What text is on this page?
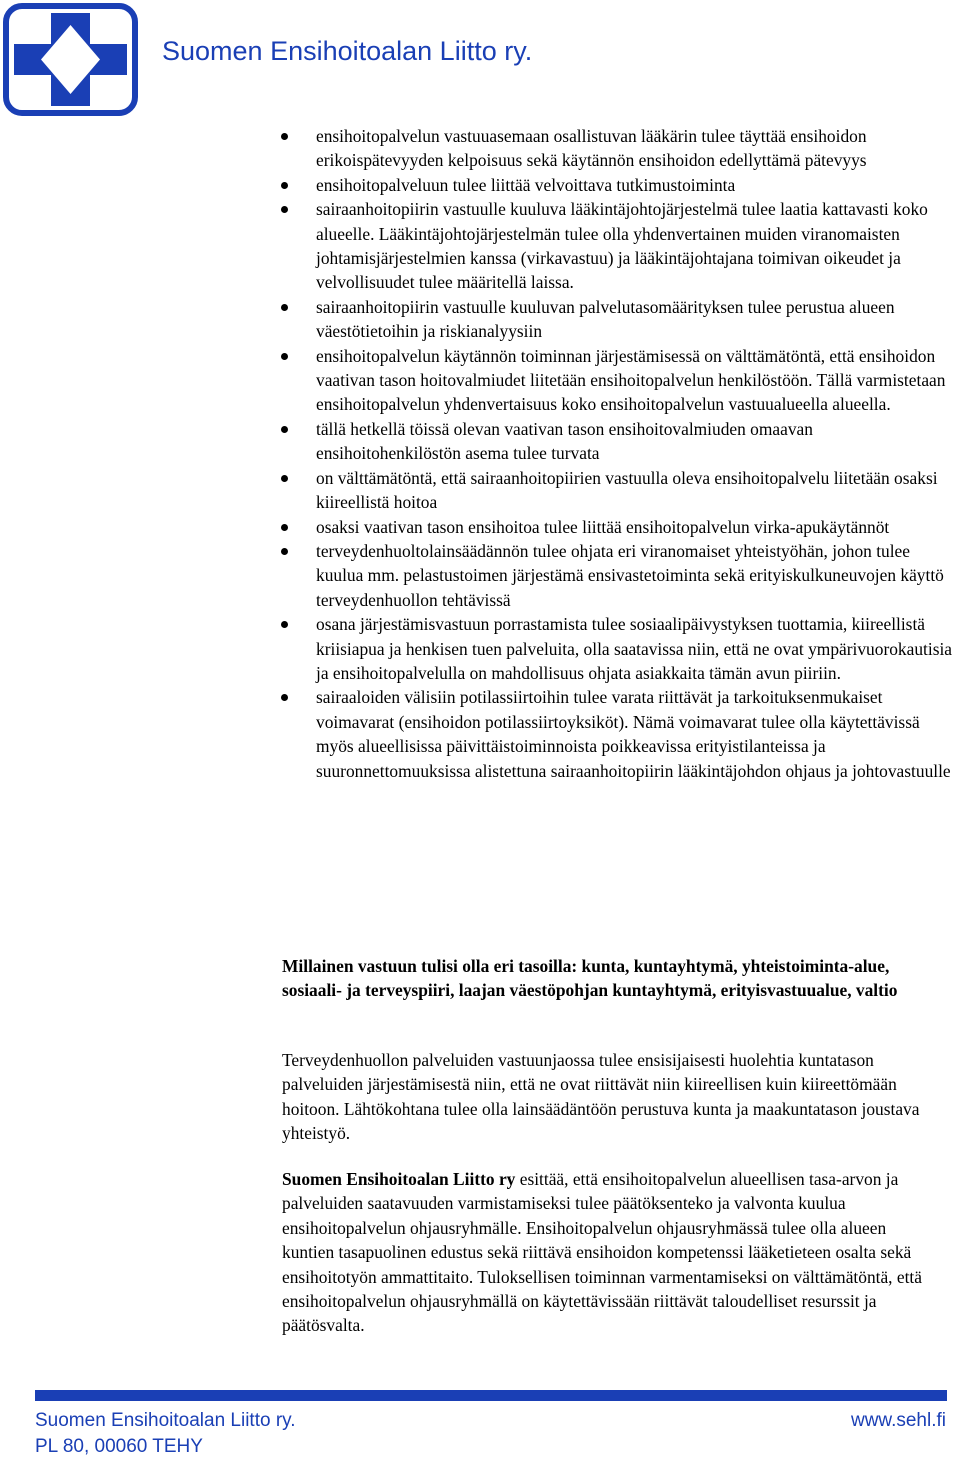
Suomen Ensihoitoalan Liitto ry.
ensihoitopalvelun vastuuasemaan osallistuvan lääkärin tulee täyttää ensihoidon erikoispätevyyden kelpoisuus sekä käytännön ensihoidon edellyttämä pätevyys
ensihoitopalveluun tulee liittää velvoittava tutkimustoiminta
sairaanhoitopiirin vastuulle kuuluva lääkintäjohtojärjestelmä tulee laatia kattavasti koko alueelle. Lääkintäjohtojärjestelmän tulee olla yhdenvertainen muiden viranomaisten johtamisjärjestelmien kanssa (virkavastuu) ja lääkintäjohtajana toimivan oikeudet ja velvollisuudet tulee määritellä laissa.
sairaanhoitopiirin vastuulle kuuluvan palvelutasomäärityksen tulee perustua alueen väestötietoihin ja riskianalyysiin
ensihoitopalvelun käytännön toiminnan järjestämisessä on välttämätöntä, että ensihoidon vaativan tason hoitovalmiudet liitetään ensihoitopalvelun henkilöstöön. Tällä varmistetaan ensihoitopalvelun yhdenvertaisuus koko ensihoitopalvelun vastuualueella alueella.
tällä hetkellä töissä olevan vaativan tason ensihoitovalmiuden omaavan ensihoitohenkilöstön asema tulee turvata
on välttämätöntä, että sairaanhoitopiirien vastuulla oleva ensihoitopalvelu liitetään osaksi kiireellistä hoitoa
osaksi vaativan tason ensihoitoa tulee liittää ensihoitopalvelun virka-apukäytännöt
terveydenhuoltolainsäädännön tulee ohjata eri viranomaiset yhteistyöhän, johon tulee kuulua mm. pelastustoimen järjestämä ensivastetoiminta sekä erityiskulkuneuvojen käyttö terveydenhuollon tehtävissä
osana järjestämisvastuun porrastamista tulee sosiaalipäivystyksen tuottamia, kiireellistä kriisiapua ja henkisen tuen palveluita, olla saatavissa niin, että ne ovat ympärivuorokautisia ja ensihoitopalvelulla on mahdollisuus ohjata asiakkaita tämän avun piiriin.
sairaaloiden välisiin potilassiirtoihin tulee varata riittävät ja tarkoituksenmukaiset voimavarat (ensihoidon potilassiirtoyksiköt). Nämä voimavarat tulee olla käytettävissä myös alueellisissa päivittäistoiminnoista poikkeavissa erityistilanteissa ja suuronnettomuuksissa alistettuna sairaanhoitopiirin lääkintäjohdon ohjaus ja johtovastuulle

Millainen vastuun tulisi olla eri tasoilla: kunta, kuntayhtymä, yhteistoiminta-alue, sosiaali- ja terveyspiiri, laajan väestöpohjan kuntayhtymä, erityisvastuualue, valtio

Terveydenhuollon palveluiden vastuunjaossa tulee ensisijaisesti huolehtia kuntatason palveluiden järjestämisestä niin, että ne ovat riittävät niin kiireellisen kuin kiireettömään hoitoon. Lähtökohtana tulee olla lainsäädäntöön perustuva kunta ja maakuntatason joustava yhteistyö.

Suomen Ensihoitoalan Liitto ry esittää, että ensihoitopalvelun alueellisen tasa-arvon ja palveluiden saatavuuden varmistamiseksi tulee päätöksenteko ja valvonta kuulua ensihoitopalvelun ohjausryhmälle. Ensihoitopalvelun ohjausryhmässä tulee olla alueen kuntien tasapuolinen edustus sekä riittävä ensihoidon kompetenssi lääketieteen osalta sekä ensihoitotyön ammattitaito. Tuloksellisen toiminnan varmentamiseksi on välttämätöntä, että ensihoitopalvelun ohjausryhmällä on käytettävissään riittävät taloudelliset resurssit ja päätösvalta.

Suomen Ensihoitoalan Liitto ry.
PL 80, 00060 TEHY
www.sehl.fi
